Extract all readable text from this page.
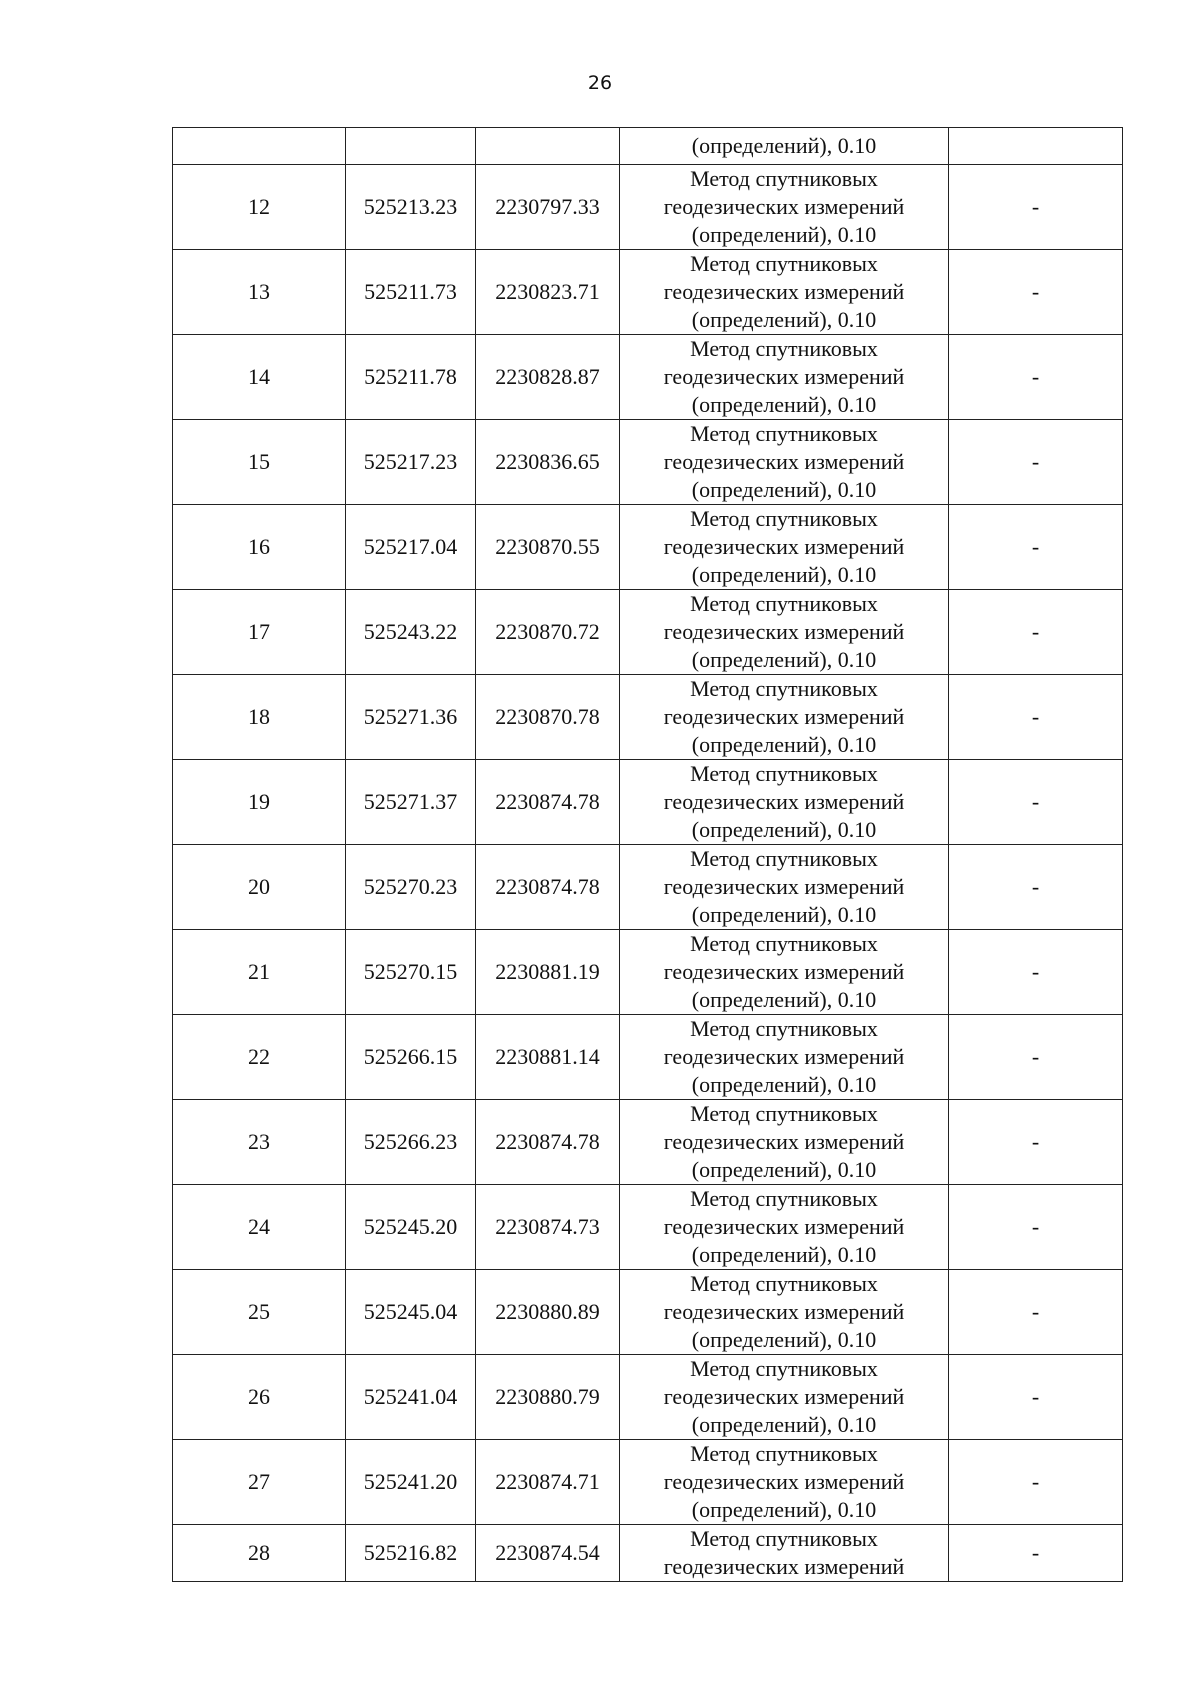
26

			(определений), 0.10	

12	525213.23	2230797.33	Метод спутниковых
геодезических измерений
(определений), 0.10	-
13	525211.73	2230823.71	Метод спутниковых
геодезических измерений
(определений), 0.10	-
14	525211.78	2230828.87	Метод спутниковых
геодезических измерений
(определений), 0.10	-
15	525217.23	2230836.65	Метод спутниковых
геодезических измерений
(определений), 0.10	-
16	525217.04	2230870.55	Метод спутниковых
геодезических измерений
(определений), 0.10	-
17	525243.22	2230870.72	Метод спутниковых
геодезических измерений
(определений), 0.10	-
18	525271.36	2230870.78	Метод спутниковых
геодезических измерений
(определений), 0.10	-
19	525271.37	2230874.78	Метод спутниковых
геодезических измерений
(определений), 0.10	-
20	525270.23	2230874.78	Метод спутниковых
геодезических измерений
(определений), 0.10	-
21	525270.15	2230881.19	Метод спутниковых
геодезических измерений
(определений), 0.10	-
22	525266.15	2230881.14	Метод спутниковых
геодезических измерений
(определений), 0.10	-
23	525266.23	2230874.78	Метод спутниковых
геодезических измерений
(определений), 0.10	-
24	525245.20	2230874.73	Метод спутниковых
геодезических измерений
(определений), 0.10	-
25	525245.04	2230880.89	Метод спутниковых
геодезических измерений
(определений), 0.10	-
26	525241.04	2230880.79	Метод спутниковых
геодезических измерений
(определений), 0.10	-
27	525241.20	2230874.71	Метод спутниковых
геодезических измерений
(определений), 0.10	-
28	525216.82	2230874.54	Метод спутниковых
геодезических измерений	-
